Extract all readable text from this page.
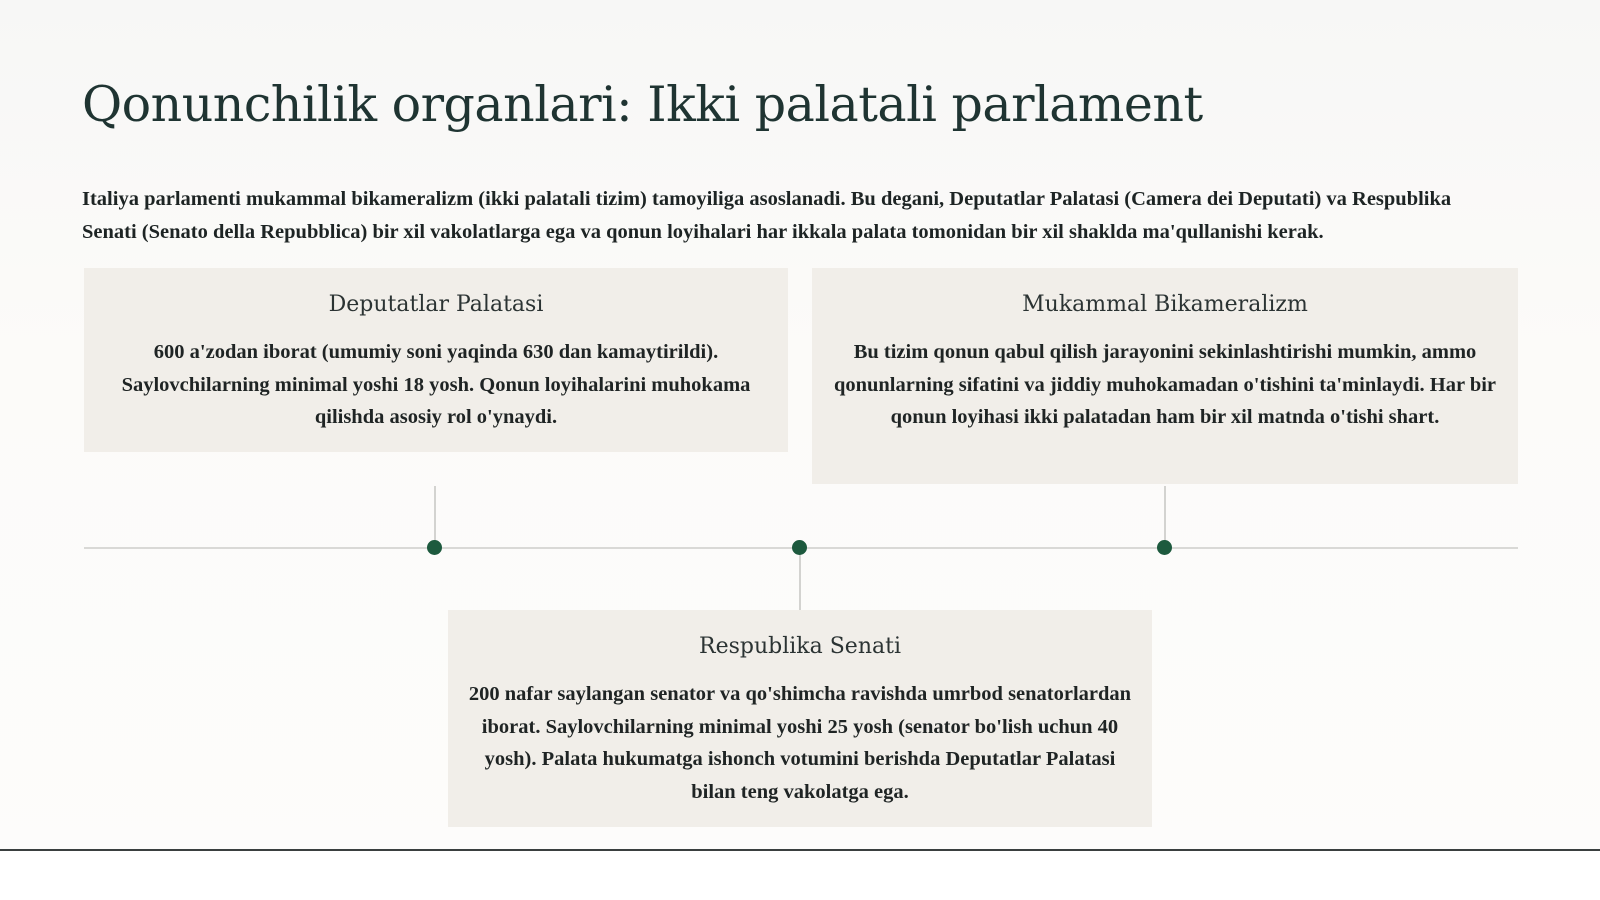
Qonunchilik organlari: Ikki palatali parlament

Italiya parlamenti mukammal bikameralizm (ikki palatali tizim) tamoyiliga asoslanadi. Bu degani, Deputatlar Palatasi (Camera dei Deputati) va Respublika Senati (Senato della Repubblica) bir xil vakolatlarga ega va qonun loyihalari har ikkala palata tomonidan bir xil shaklda ma'qullanishi kerak.

Deputatlar Palatasi

600 a'zodan iborat (umumiy soni yaqinda 630 dan kamaytirildi). Saylovchilarning minimal yoshi 18 yosh. Qonun loyihalarini muhokama qilishda asosiy rol o'ynaydi.

Mukammal Bikameralizm

Bu tizim qonun qabul qilish jarayonini sekinlashtirishi mumkin, ammo qonunlarning sifatini va jiddiy muhokamadan o'tishini ta'minlaydi. Har bir qonun loyihasi ikki palatadan ham bir xil matnda o'tishi shart.

Respublika Senati

200 nafar saylangan senator va qo'shimcha ravishda umrbod senatorlardan iborat. Saylovchilarning minimal yoshi 25 yosh (senator bo'lish uchun 40 yosh). Palata hukumatga ishonch votumini berishda Deputatlar Palatasi bilan teng vakolatga ega.
